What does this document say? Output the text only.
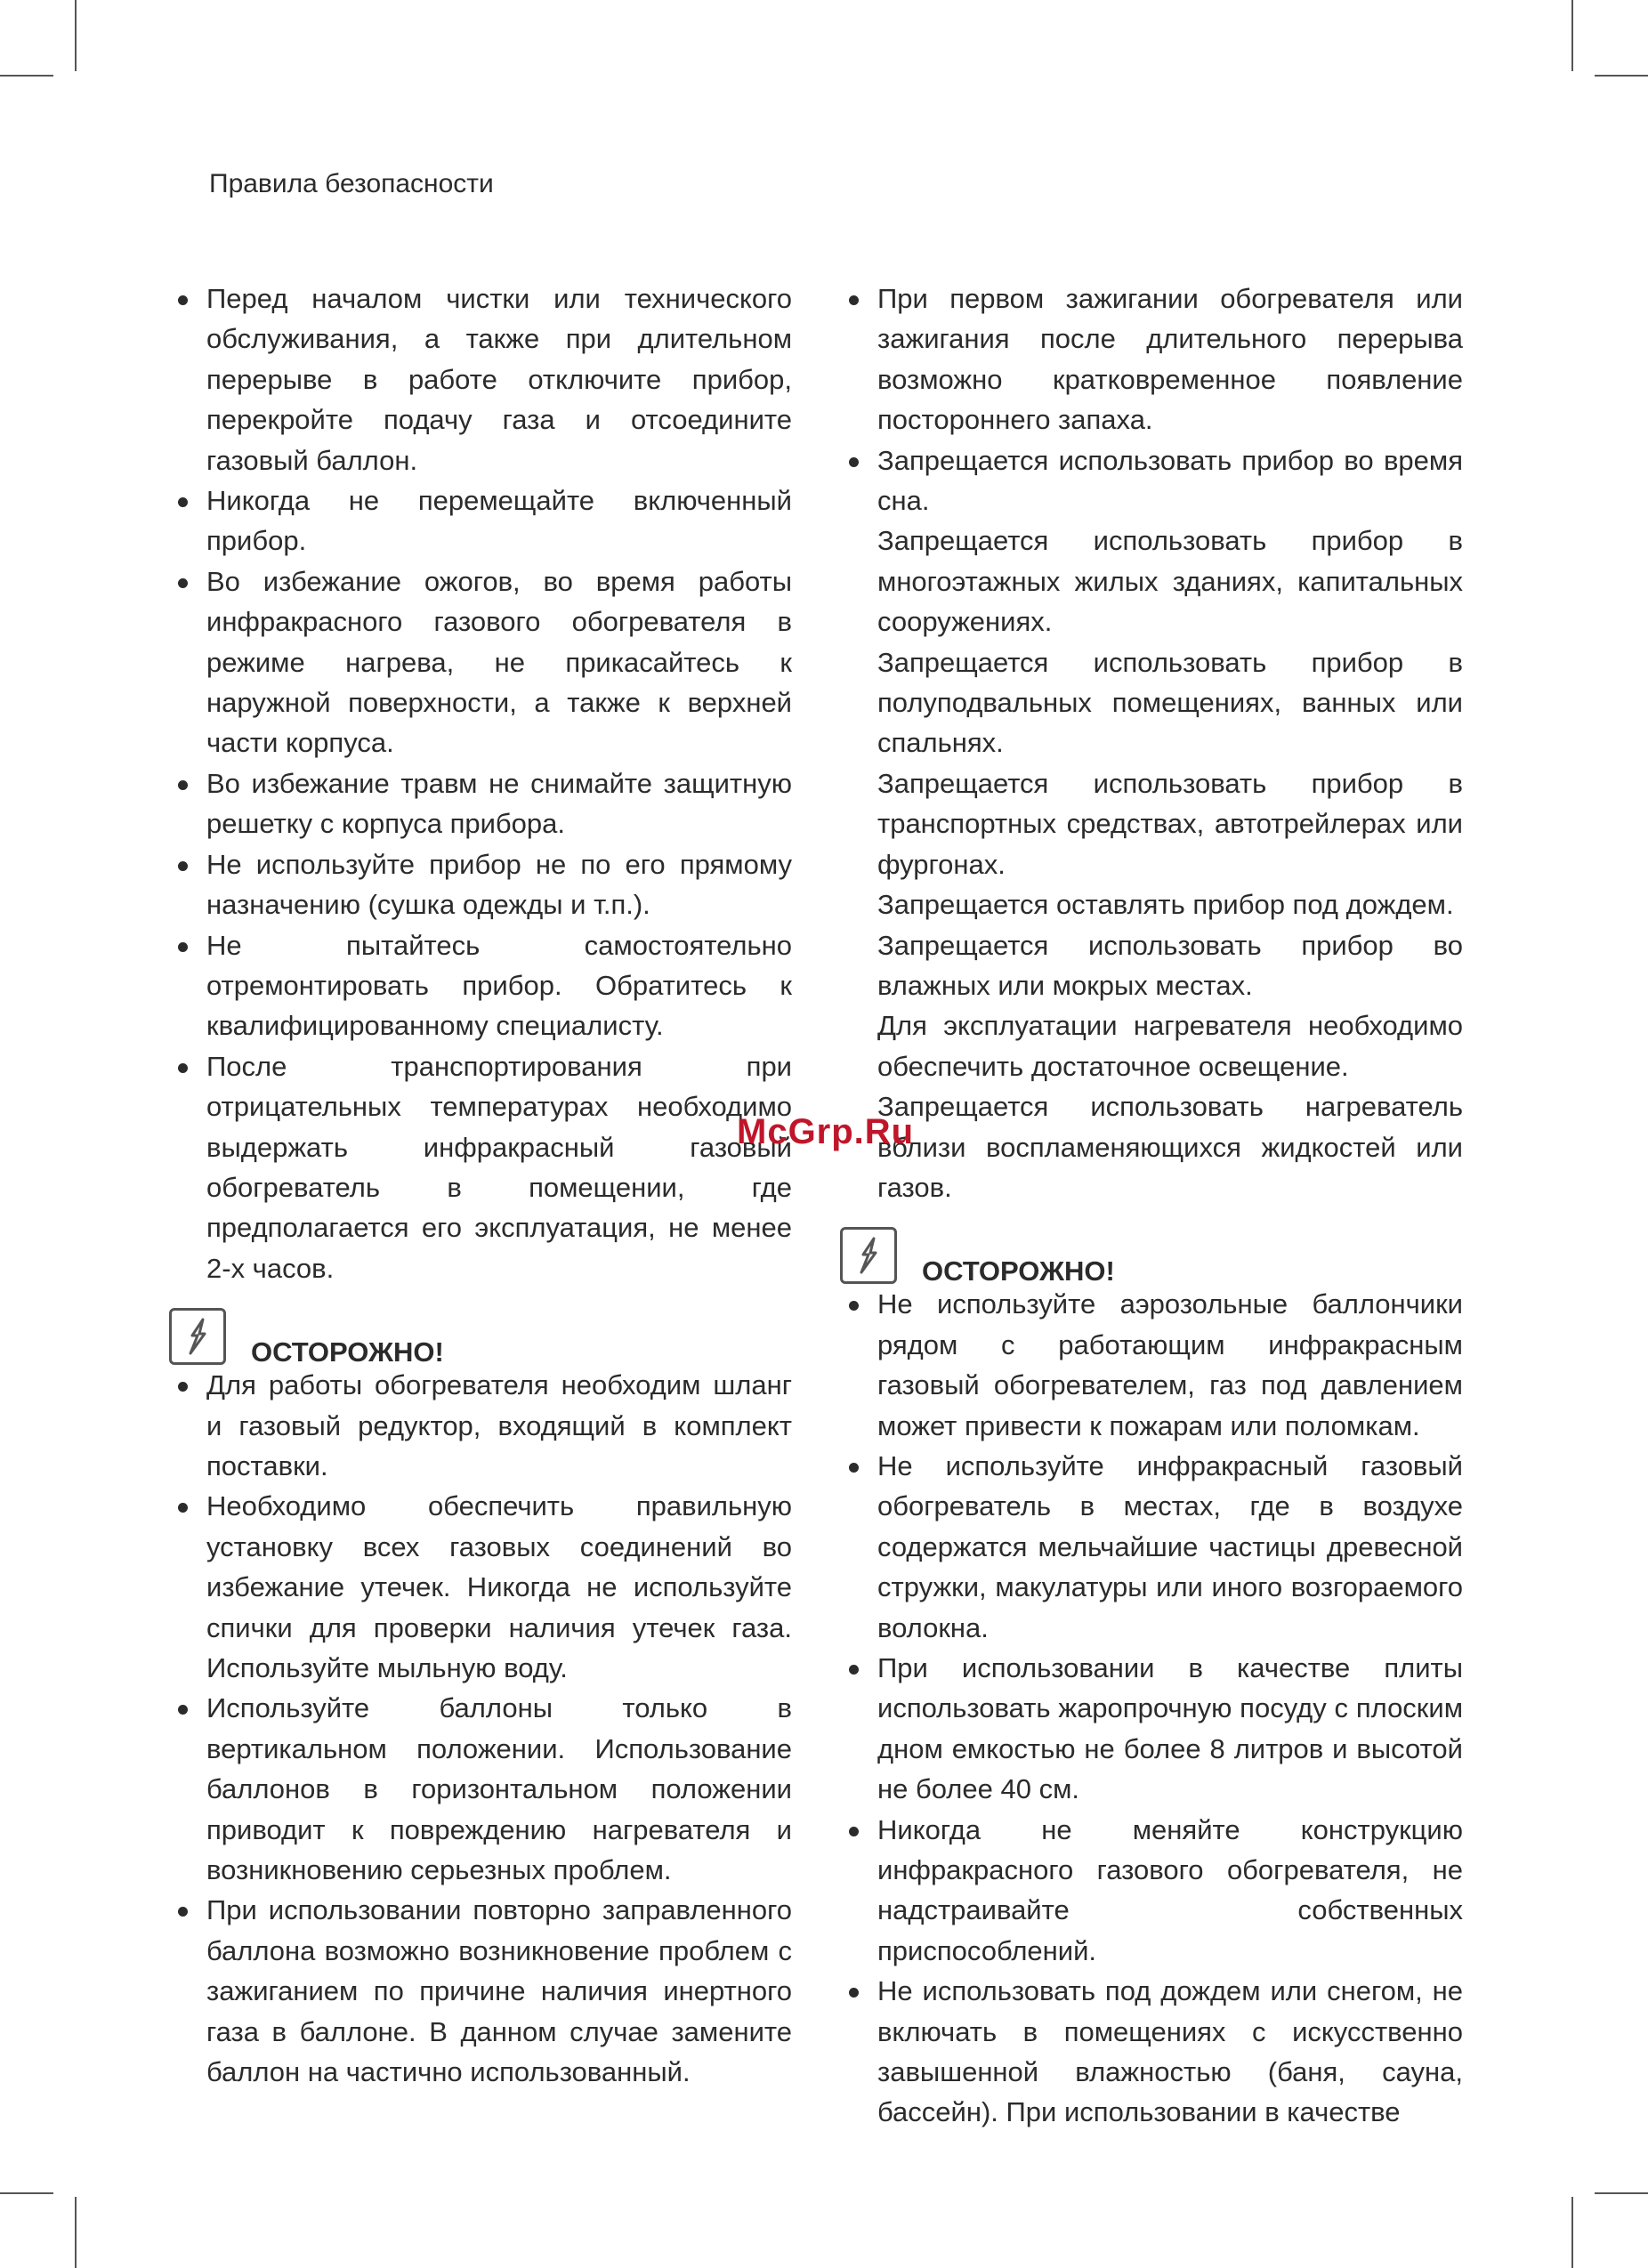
Правила безопасности
Перед началом чистки или технического обслуживания, а также при длительном перерыве в работе отключите прибор, перекройте подачу газа и отсоедините газовый баллон.
Никогда не перемещайте включенный прибор.
Во избежание ожогов, во время работы инфракрасного газового обогревателя в режиме нагрева, не прикасайтесь к наружной поверхности, а также к верхней части корпуса.
Во избежание травм не снимайте защитную решетку с корпуса прибора.
Не используйте прибор не по его прямому назначению (сушка одежды и т.п.).
Не пытайтесь самостоятельно отремонтировать прибор. Обратитесь к квалифицированному специалисту.
После транспортирования при отрицательных температурах необходимо выдержать инфракрасный газовый обогреватель в помещении, где предполагается его эксплуатация, не менее 2-х часов.
ОСТОРОЖНО!
Для работы обогревателя необходим шланг и газовый редуктор, входящий в комплект поставки.
Необходимо обеспечить правильную установку всех газовых соединений во избежание утечек. Никогда не используйте спички для проверки наличия утечек газа. Используйте мыльную воду.
Используйте баллоны только в вертикальном положении. Использование баллонов в горизонтальном положении приводит к повреждению нагревателя и возникновению серьезных проблем.
При использовании повторно заправленного баллона возможно возникновение проблем с зажиганием по причине наличия инертного газа в баллоне. В данном случае замените баллон на частично использованный.
При первом зажигании обогревателя или зажигания после длительного перерыва возможно кратковременное появление постороннего запаха.
Запрещается использовать прибор во время сна.
Запрещается использовать прибор в многоэтажных жилых зданиях, капитальных сооружениях.
Запрещается использовать прибор в полуподвальных помещениях, ванных или спальнях.
Запрещается использовать прибор в транспортных средствах, автотрейлерах или фургонах.
Запрещается оставлять прибор под дождем.
Запрещается использовать прибор во влажных или мокрых местах.
Для эксплуатации нагревателя необходимо обеспечить достаточное освещение.
Запрещается использовать нагреватель вблизи воспламеняющихся жидкостей или газов.
ОСТОРОЖНО!
Не используйте аэрозольные баллончики рядом с работающим инфракрасным газовый обогревателем, газ под давлением может привести к пожарам или поломкам.
Не используйте инфракрасный газовый обогреватель в местах, где в воздухе содержатся мельчайшие частицы древесной стружки, макулатуры или иного возгораемого волокна.
При использовании в качестве плиты использовать жаропрочную посуду с плоским дном емкостью не более 8 литров и высотой не более 40 см.
Никогда не меняйте конструкцию инфракрасного газового обогревателя, не надстраивайте собственных приспособлений.
Не использовать под дождем или снегом, не включать в помещениях с искусственно завышенной влажностью (баня, сауна, бассейн). При использовании в качестве
McGrp.Ru
